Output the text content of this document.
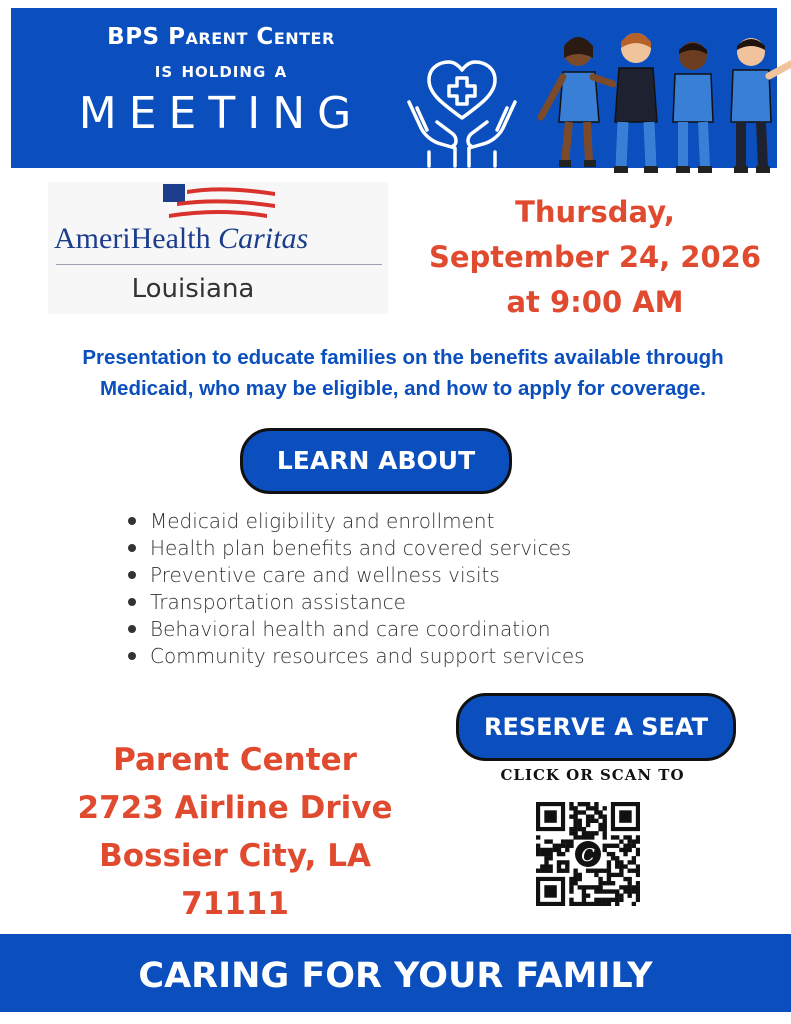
BPS Parent Center
is holding a
MEETING
AmeriHealth Caritas
Louisiana
Thursday,
September 24, 2026
at 9:00 AM
Presentation to educate families on the benefits available through
Medicaid, who may be eligible, and how to apply for coverage.
LEARN ABOUT
Medicaid eligibility and enrollment
Health plan benefits and covered services
Preventive care and wellness visits
Transportation assistance
Behavioral health and care coordination
Community resources and support services
Parent Center
2723 Airline Drive
Bossier City, LA 71111
RESERVE A SEAT
CLICK OR SCAN TO
C
CARING FOR YOUR FAMILY
